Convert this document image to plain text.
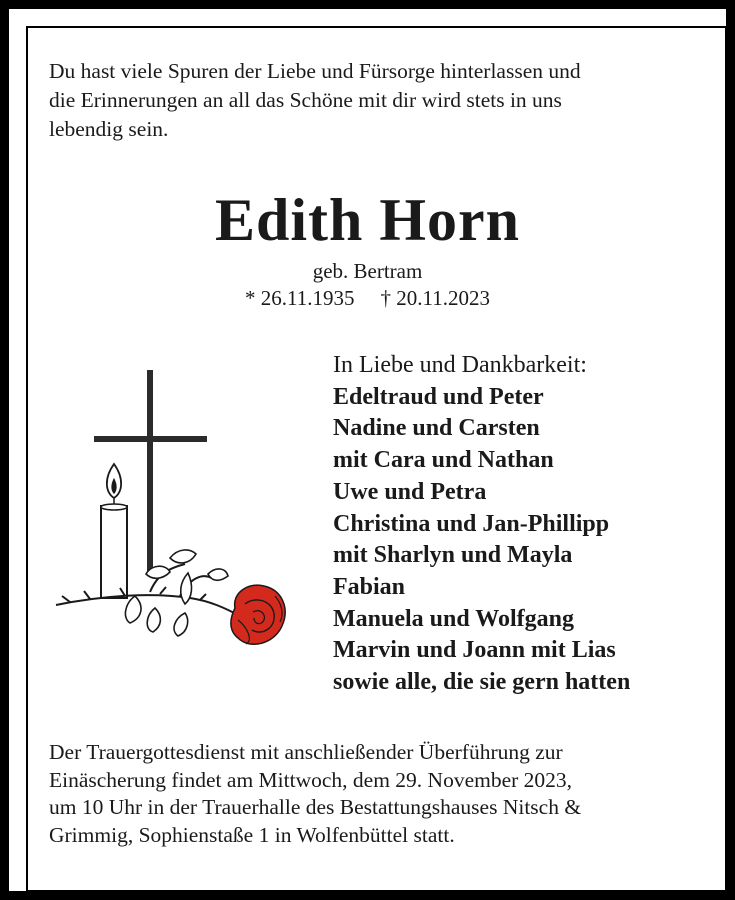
Du hast viele Spuren der Liebe und Fürsorge hinterlassen und
die Erinnerungen an all das Schöne mit dir wird stets in uns
lebendig sein.
Edith Horn
geb. Bertram
* 26.11.1935 † 20.11.2023
In Liebe und Dankbarkeit:
Edeltraud und Peter
Nadine und Carsten
mit Cara und Nathan
Uwe und Petra
Christina und Jan-Phillipp
mit Sharlyn und Mayla
Fabian
Manuela und Wolfgang
Marvin und Joann mit Lias
sowie alle, die sie gern hatten
Der Trauergottesdienst mit anschließender Überführung zur
Einäscherung findet am Mittwoch, dem 29. November 2023,
um 10 Uhr in der Trauerhalle des Bestattungshauses Nitsch &
Grimmig, Sophienstaße 1 in Wolfenbüttel statt.
